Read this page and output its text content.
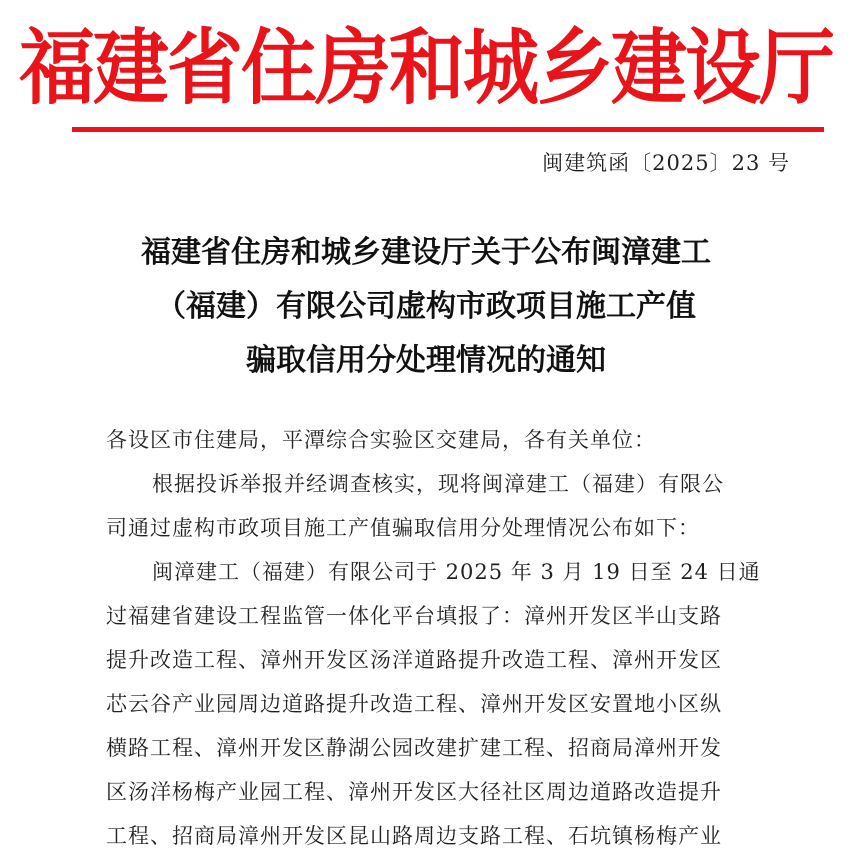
福建省住房和城乡建设厅
闽建筑函〔2025〕23 号
福建省住房和城乡建设厅关于公布闽漳建工
（福建）有限公司虚构市政项目施工产值
骗取信用分处理情况的通知
各设区市住建局，平潭综合实验区交建局，各有关单位：
根据投诉举报并经调查核实，现将闽漳建工（福建）有限公
司通过虚构市政项目施工产值骗取信用分处理情况公布如下：
闽漳建工（福建）有限公司于 2025 年 3 月 19 日至 24 日通
过福建省建设工程监管一体化平台填报了：漳州开发区半山支路
提升改造工程、漳州开发区汤洋道路提升改造工程、漳州开发区
芯云谷产业园周边道路提升改造工程、漳州开发区安置地小区纵
横路工程、漳州开发区静湖公园改建扩建工程、招商局漳州开发
区汤洋杨梅产业园工程、漳州开发区大径社区周边道路改造提升
工程、招商局漳州开发区昆山路周边支路工程、石坑镇杨梅产业
